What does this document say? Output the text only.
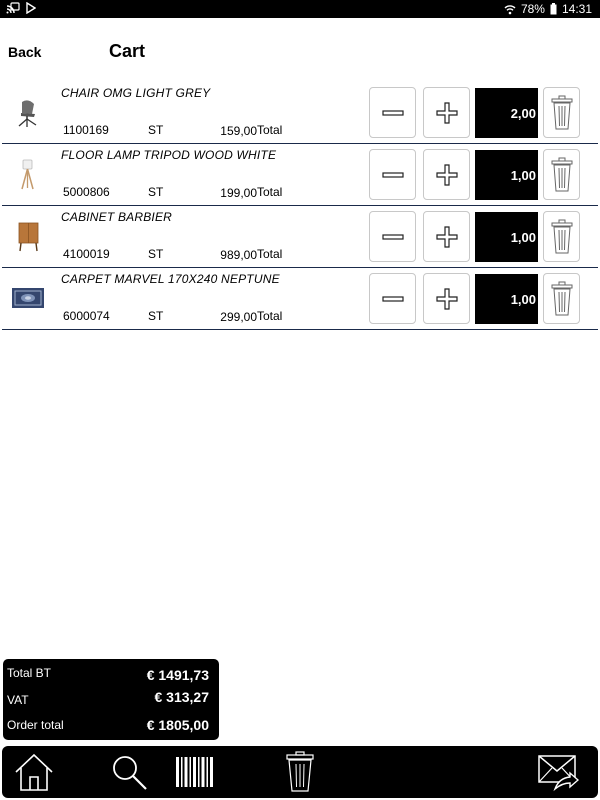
78% 14:31
Back	Cart
CHAIR OMG LIGHT GREY
1100169	ST	159,00 Total
2,00
FLOOR LAMP TRIPOD WOOD WHITE
5000806	ST	199,00 Total
1,00
CABINET BARBIER
4100019	ST	989,00 Total
1,00
CARPET MARVEL 170X240 NEPTUNE
6000074	ST	299,00 Total
1,00
Total BT	€ 1491,73
VAT	€ 313,27
Order total	€ 1805,00
